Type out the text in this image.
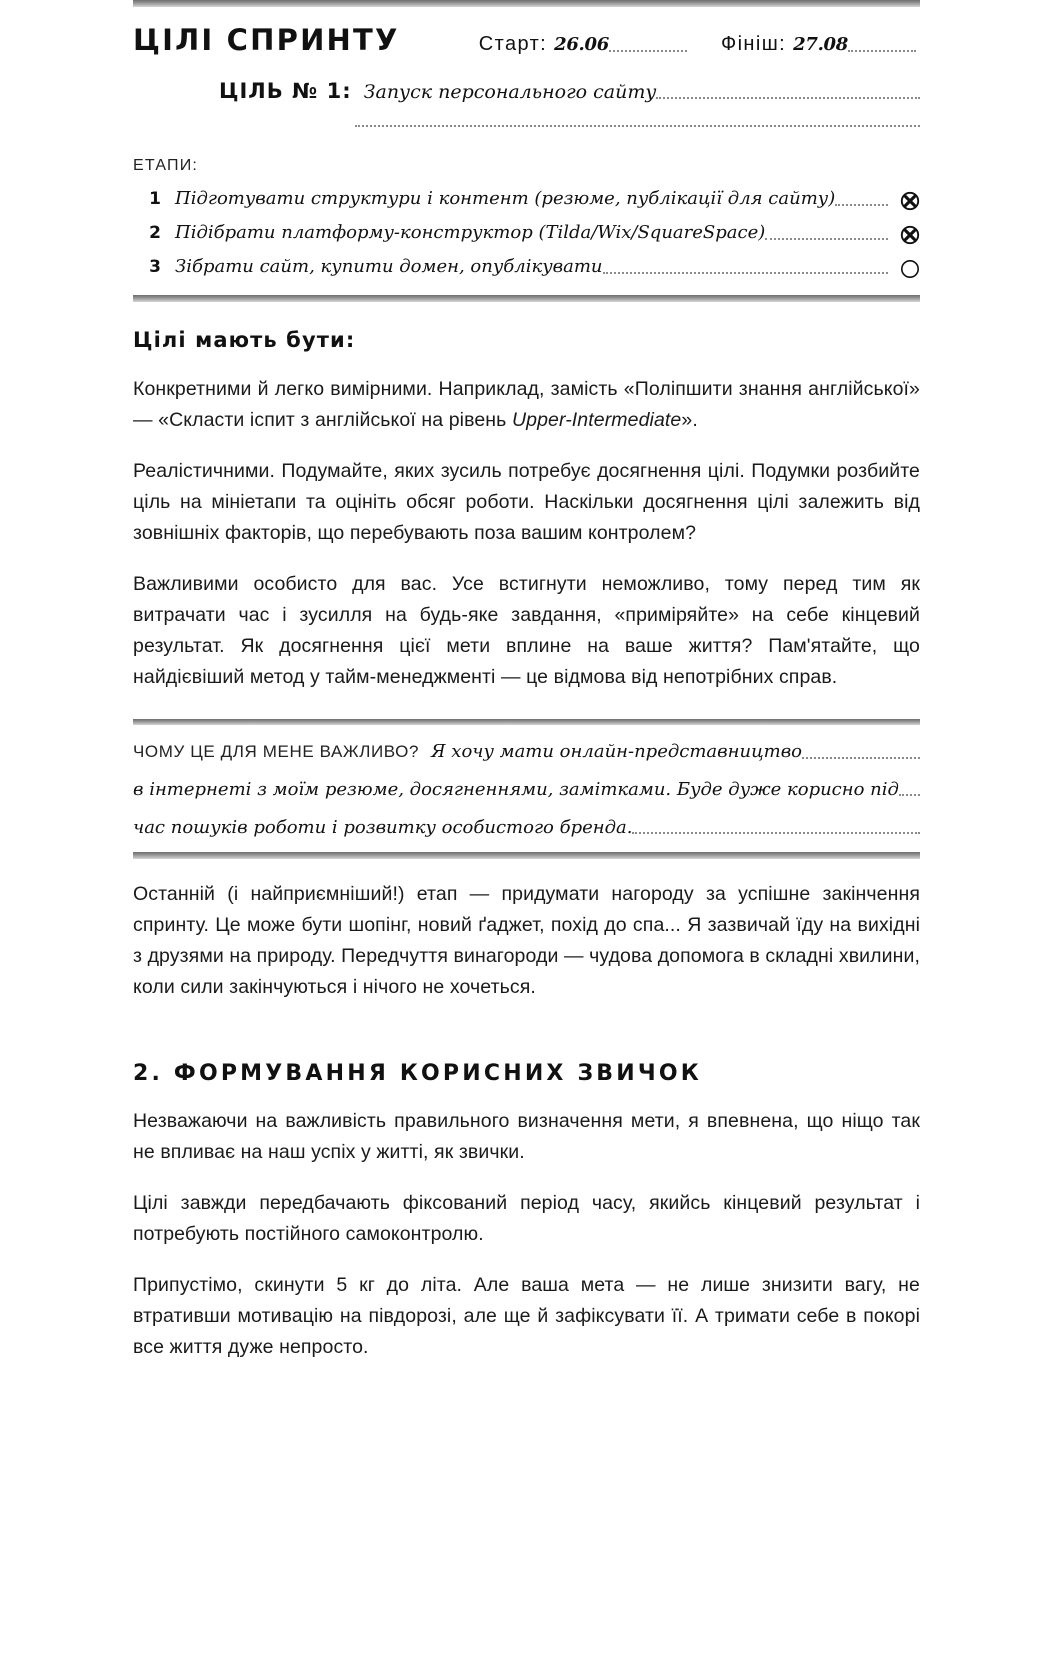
ЦІЛІ СПРИНТУ	Старт: 26.06	Фініш: 27.08
ЦІЛЬ № 1: Запуск персонального сайту
ЕТАПИ:
1 Підготувати структури і контент (резюме, публікації для сайту)
2 Підібрати платформу-конструктор (Tilda/Wix/SquareSpace)
3 Зібрати сайт, купити домен, опублікувати
Цілі мають бути:

Конкретними й легко вимірними. Наприклад, замість «Поліпшити знання англійської» — «Скласти іспит з англійської на рівень Upper-Intermediate».

Реалістичними. Подумайте, яких зусиль потребує досягнення цілі. Подумки розбийте ціль на мініетапи та оцініть обсяг роботи. Наскільки досягнення цілі залежить від зовнішніх факторів, що перебувають поза вашим контролем?

Важливими особисто для вас. Усе встигнути неможливо, тому перед тим як витрачати час і зусилля на будь-яке завдання, «приміряйте» на себе кінцевий результат. Як досягнення цієї мети вплине на ваше життя? Пам'ятайте, що найдієвіший метод у тайм-менеджменті — це відмова від непотрібних справ.

ЧОМУ ЦЕ ДЛЯ МЕНЕ ВАЖЛИВО? Я хочу мати онлайн-представництво
в інтернеті з моїм резюме, досягненнями, замітками. Буде дуже корисно під
час пошуків роботи і розвитку особистого бренда.

Останній (і найприємніший!) етап — придумати нагороду за успішне закінчення спринту. Це може бути шопінг, новий ґаджет, похід до спа... Я зазвичай їду на вихідні з друзями на природу. Передчуття винагороди — чудова допомога в складні хвилини, коли сили закінчуються і нічого не хочеться.

2. ФОРМУВАННЯ КОРИСНИХ ЗВИЧОК

Незважаючи на важливість правильного визначення мети, я впевнена, що ніщо так не впливає на наш успіх у житті, як звички.

Цілі завжди передбачають фіксований період часу, якийсь кінцевий результат і потребують постійного самоконтролю.

Припустімо, скинути 5 кг до літа. Але ваша мета — не лише знизити вагу, не втративши мотивацію на півдорозі, але ще й зафіксувати її. А тримати себе в покорі все життя дуже непросто.
